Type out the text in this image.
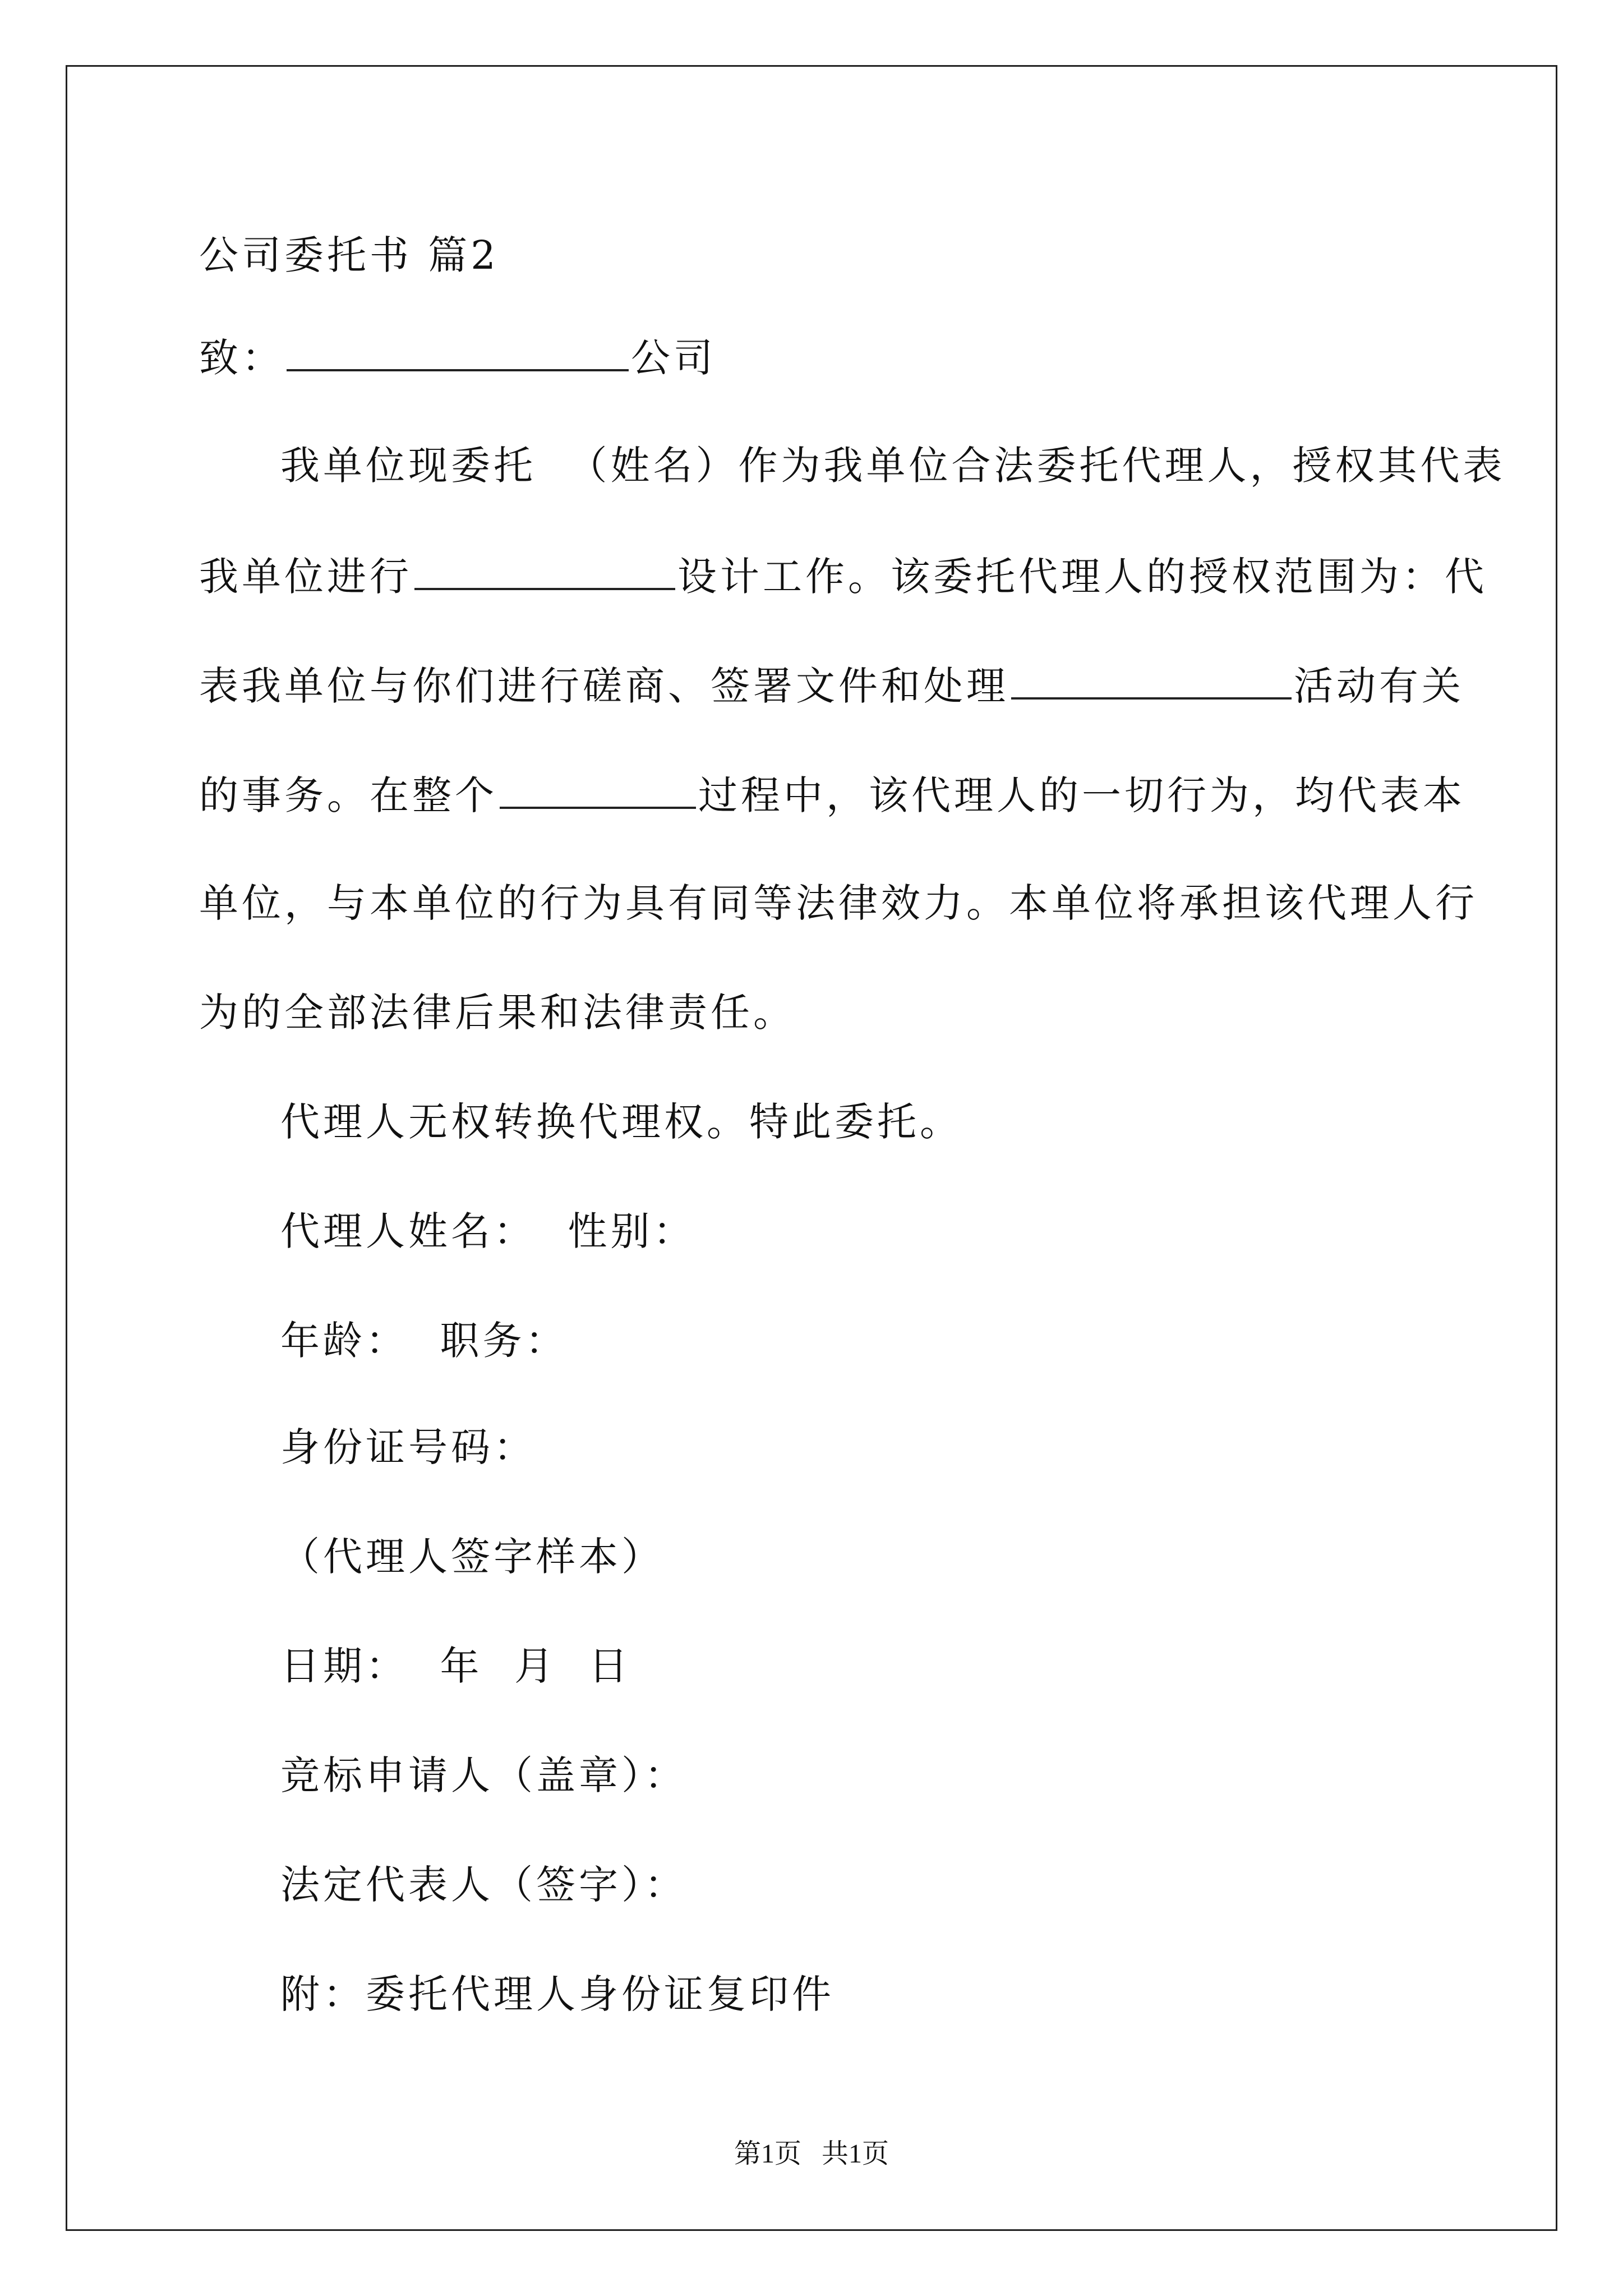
公司委托书 篇2
致：	公司
我单位现委托  （姓名）作为我单位合法委托代理人，授权其代表
我单位进行	设计工作。该委托代理人的授权范围为：代
表我单位与你们进行磋商、签署文件和处理	活动有关
的事务。在整个	过程中，该代理人的一切行为，均代表本
单位，与本单位的行为具有同等法律效力。本单位将承担该代理人行
为的全部法律后果和法律责任。
代理人无权转换代理权。特此委托。
代理人姓名：  性别：
年龄：  职务：
身份证号码：
（代理人签字样本）
日期：  年  月  日
竞标申请人（盖章）：
法定代表人（签字）：
附：委托代理人身份证复印件
第1页   共1页
